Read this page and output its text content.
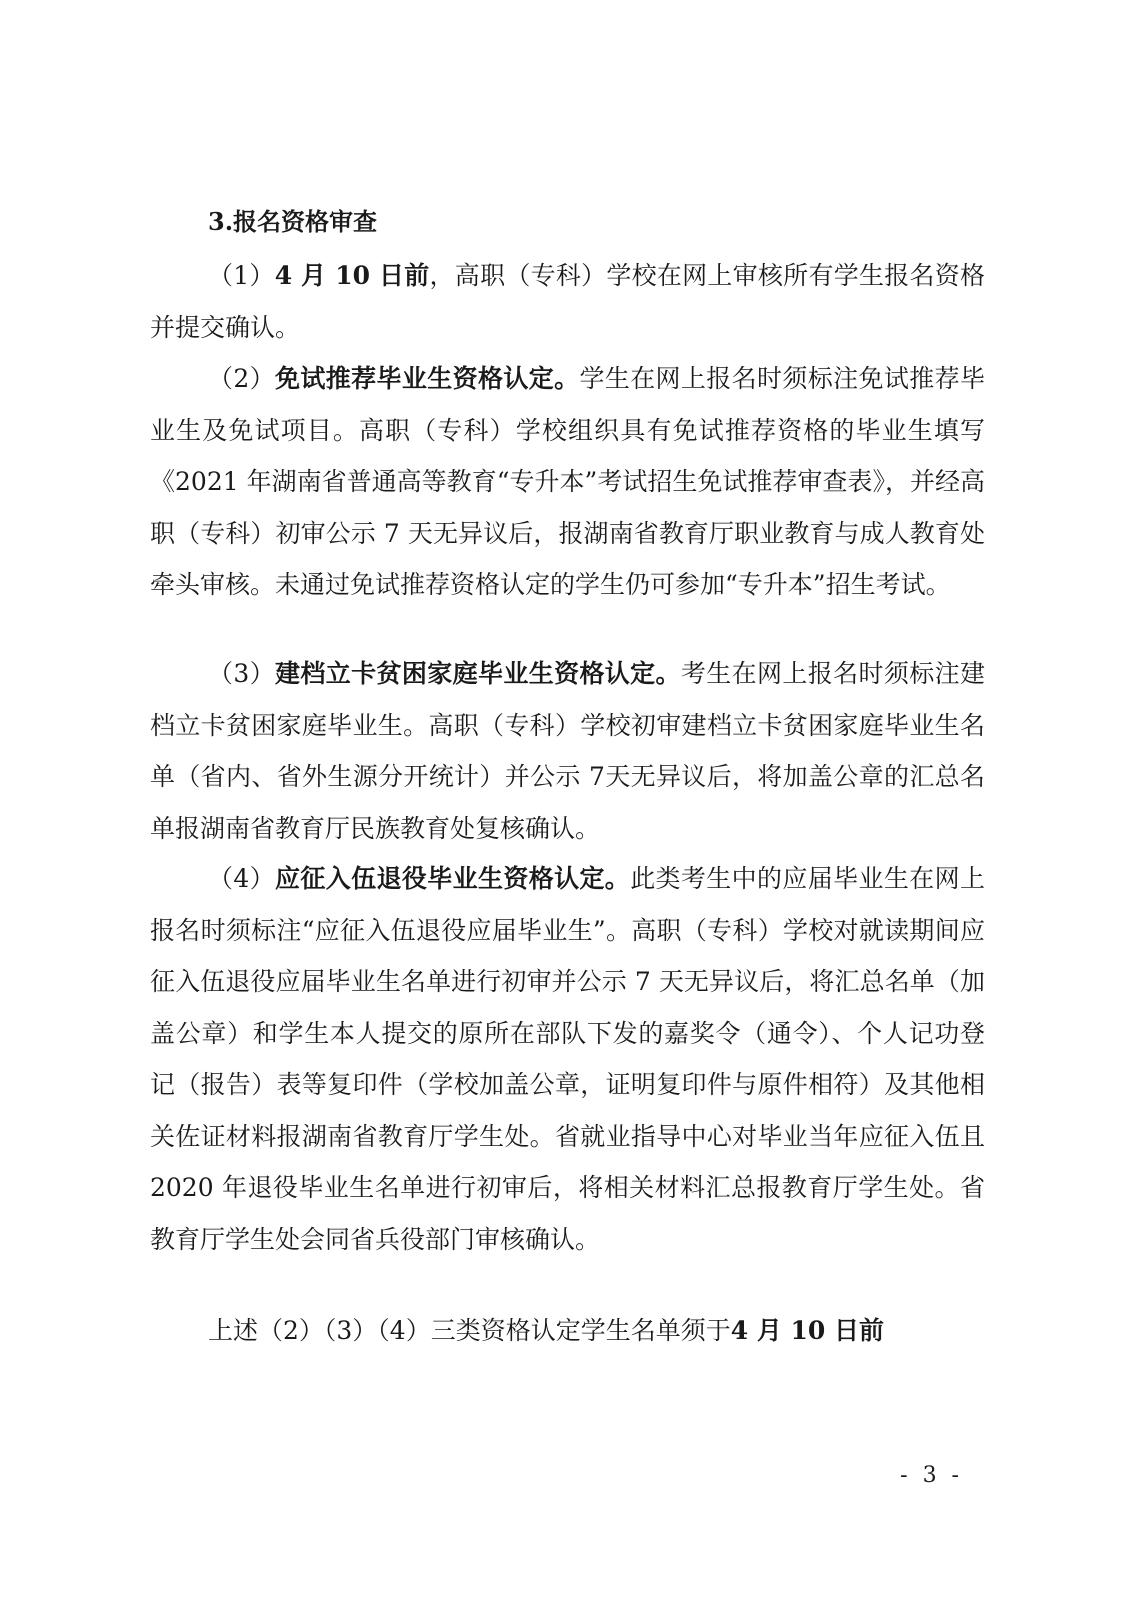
3.报名资格审查

（1）4 月 10 日前，高职（专科）学校在网上审核所有学生报名资格并提交确认。

（2）免试推荐毕业生资格认定。学生在网上报名时须标注免试推荐毕业生及免试项目。高职（专科）学校组织具有免试推荐资格的毕业生填写《2021 年湖南省普通高等教育“专升本”考试招生免试推荐审查表》，并经高职（专科）初审公示 7 天无异议后，报湖南省教育厅职业教育与成人教育处牵头审核。未通过免试推荐资格认定的学生仍可参加“专升本”招生考试。

（3）建档立卡贫困家庭毕业生资格认定。考生在网上报名时须标注建档立卡贫困家庭毕业生。高职（专科）学校初审建档立卡贫困家庭毕业生名单（省内、省外生源分开统计）并公示 7天无异议后，将加盖公章的汇总名单报湖南省教育厅民族教育处复核确认。

（4）应征入伍退役毕业生资格认定。此类考生中的应届毕业生在网上报名时须标注“应征入伍退役应届毕业生”。高职（专科）学校对就读期间应征入伍退役应届毕业生名单进行初审并公示 7 天无异议后，将汇总名单（加盖公章）和学生本人提交的原所在部队下发的嘉奖令（通令）、个人记功登记（报告）表等复印件（学校加盖公章，证明复印件与原件相符）及其他相关佐证材料报湖南省教育厅学生处。省就业指导中心对毕业当年应征入伍且 2020 年退役毕业生名单进行初审后，将相关材料汇总报教育厅学生处。省教育厅学生处会同省兵役部门审核确认。

上述（2）（3）（4）三类资格认定学生名单须于4 月 10 日前

- 3 -
